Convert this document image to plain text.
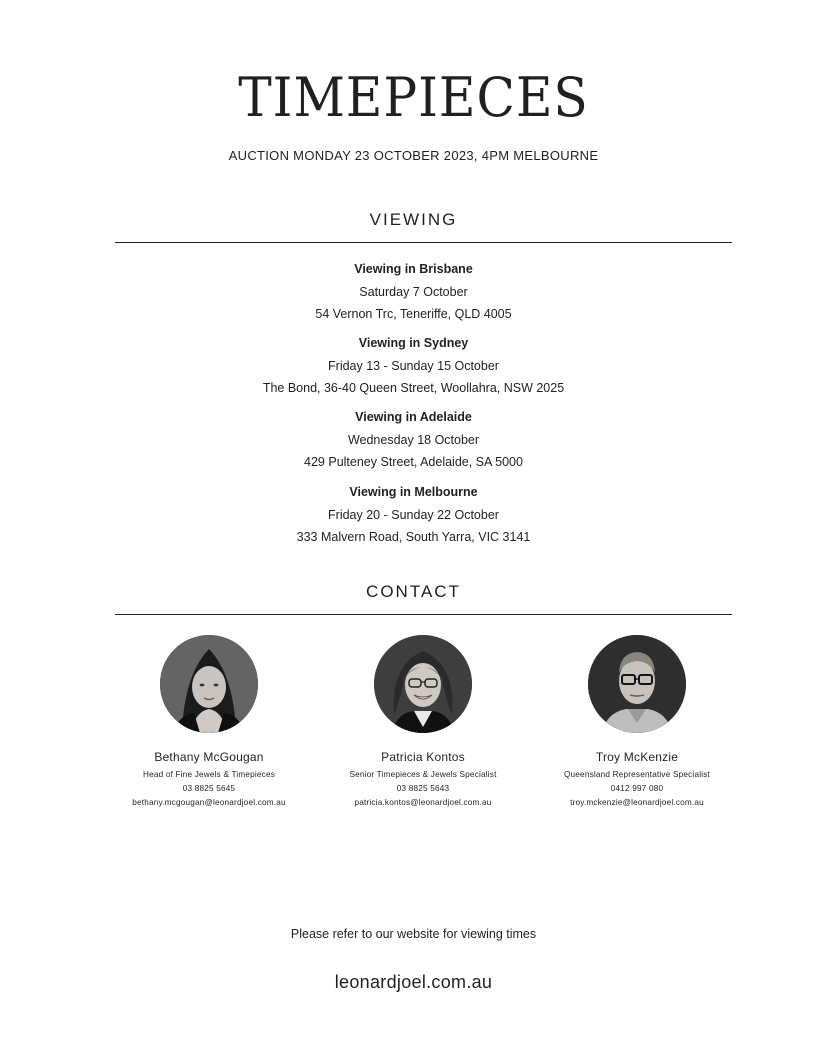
TIMEPIECES
AUCTION MONDAY 23 OCTOBER 2023, 4PM MELBOURNE
VIEWING
Viewing in Brisbane
Saturday 7 October
54 Vernon Trc, Teneriffe, QLD 4005
Viewing in Sydney
Friday 13 - Sunday 15 October
The Bond, 36-40 Queen Street, Woollahra, NSW 2025
Viewing in Adelaide
Wednesday 18 October
429 Pulteney Street, Adelaide, SA 5000
Viewing in Melbourne
Friday 20 - Sunday 22 October
333 Malvern Road, South Yarra, VIC 3141
CONTACT
Bethany McGougan
Head of Fine Jewels & Timepieces
03 8825 5645
bethany.mcgougan@leonardjoel.com.au
Patricia Kontos
Senior Timepieces & Jewels Specialist
03 8825 5643
patricia.kontos@leonardjoel.com.au
Troy McKenzie
Queensland Representative Specialist
0412 997 080
troy.mckenzie@leonardjoel.com.au
Please refer to our website for viewing times
leonardjoel.com.au
